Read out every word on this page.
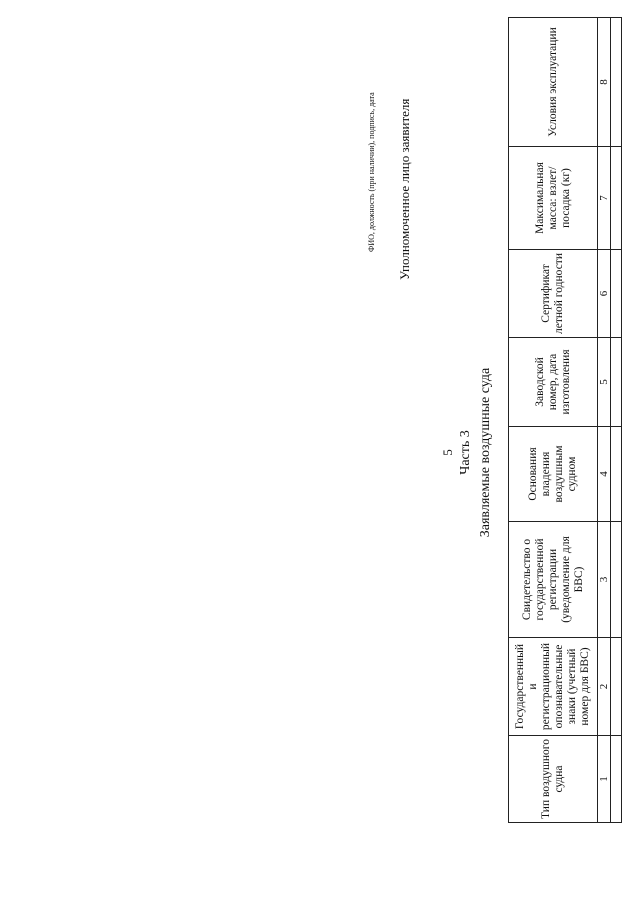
5 Часть 3 Заявляемые воздушные суда
Тип воздушного судна	Государственный и регистрационный опознавательные знаки (учетный номер для БВС)	Свидетельство о государственной регистрации (уведомление для БВС)	Основания владения воздушным судном	Заводской номер, дата изготовления	Сертификат летной годности	Максимальная масса: взлет/посадка (кг)	Условия эксплуатации
1	2	3	4	5	6	7	8

Уполномоченное лицо заявителя
ФИО, должность (при наличии), подпись, дата
